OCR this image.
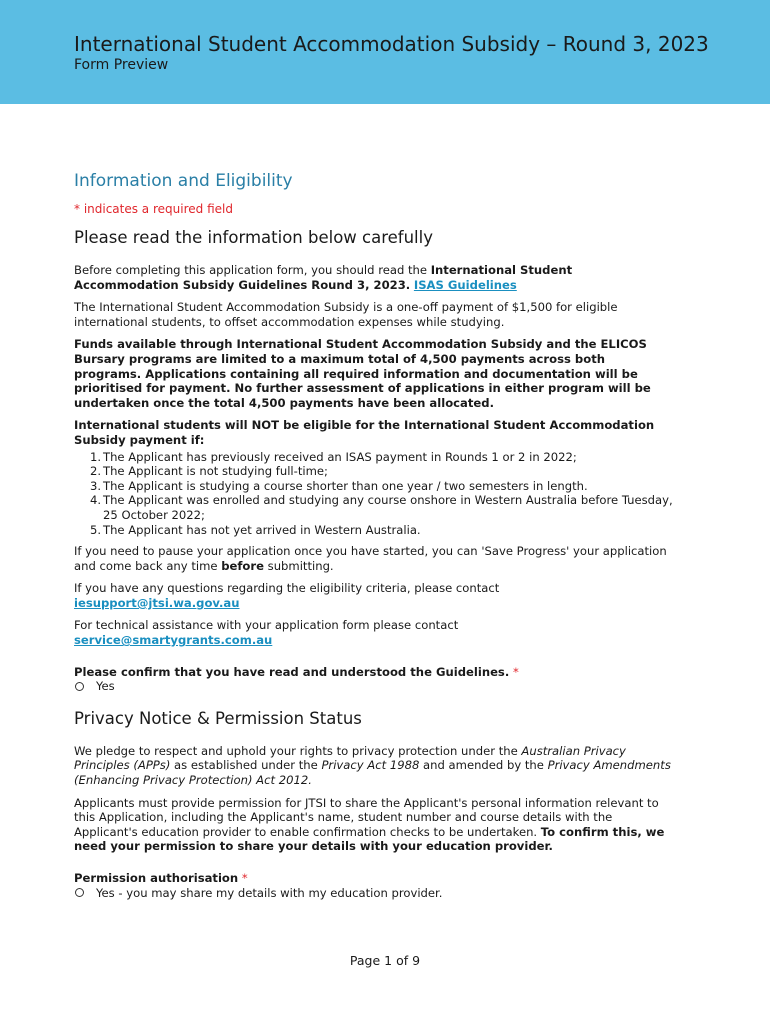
International Student Accommodation Subsidy – Round 3, 2023
Form Preview
Information and Eligibility
* indicates a required field
Please read the information below carefully

Before completing this application form, you should read the International Student Accommodation Subsidy Guidelines Round 3, 2023. ISAS Guidelines

The International Student Accommodation Subsidy is a one-off payment of $1,500 for eligible international students, to offset accommodation expenses while studying.

Funds available through International Student Accommodation Subsidy and the ELICOS Bursary programs are limited to a maximum total of 4,500 payments across both programs. Applications containing all required information and documentation will be prioritised for payment. No further assessment of applications in either program will be undertaken once the total 4,500 payments have been allocated.

International students will NOT be eligible for the International Student Accommodation Subsidy payment if:

1. The Applicant has previously received an ISAS payment in Rounds 1 or 2 in 2022;
2. The Applicant is not studying full-time;
3. The Applicant is studying a course shorter than one year / two semesters in length.
4. The Applicant was enrolled and studying any course onshore in Western Australia before Tuesday, 25 October 2022;
5. The Applicant has not yet arrived in Western Australia.

If you need to pause your application once you have started, you can 'Save Progress' your application and come back any time before submitting.

If you have any questions regarding the eligibility criteria, please contact
iesupport@jtsi.wa.gov.au

For technical assistance with your application form please contact
service@smartygrants.com.au

Please confirm that you have read and understood the Guidelines. *

Yes
Privacy Notice & Permission Status

We pledge to respect and uphold your rights to privacy protection under the Australian Privacy Principles (APPs) as established under the Privacy Act 1988 and amended by the Privacy Amendments (Enhancing Privacy Protection) Act 2012.

Applicants must provide permission for JTSI to share the Applicant's personal information relevant to this Application, including the Applicant's name, student number and course details with the Applicant's education provider to enable confirmation checks to be undertaken. To confirm this, we need your permission to share your details with your education provider.

Permission authorisation *

Yes - you may share my details with my education provider.
Page 1 of 9
